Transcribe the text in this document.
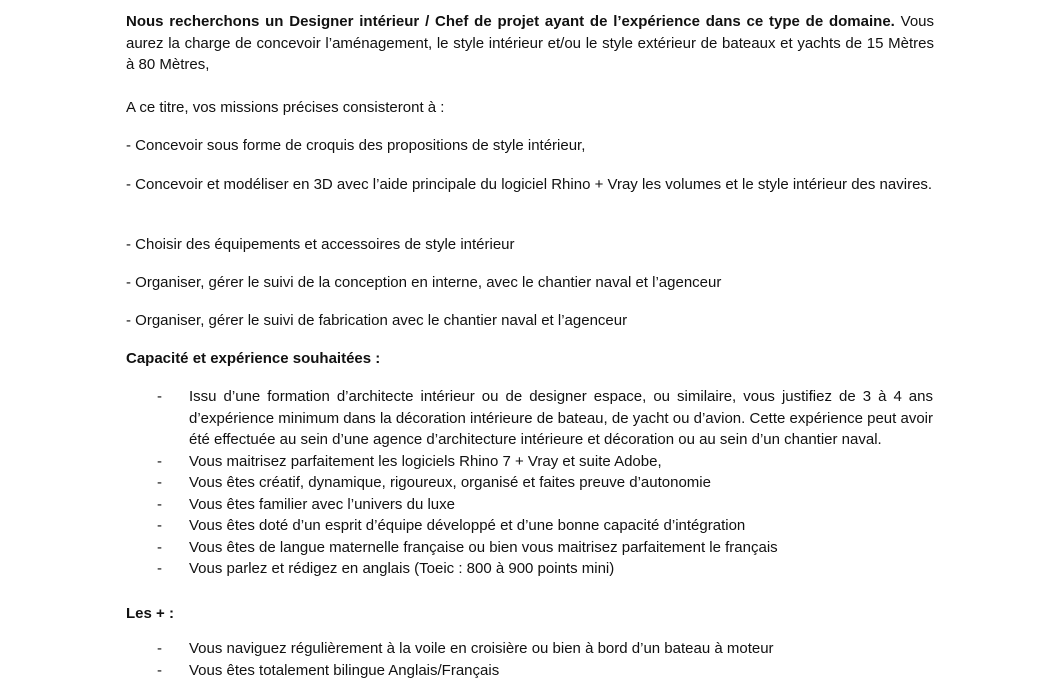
Nous recherchons un Designer intérieur / Chef de projet ayant de l’expérience dans ce type de domaine. Vous aurez la charge de concevoir l’aménagement, le style intérieur et/ou le style extérieur de bateaux et yachts de 15 Mètres à 80 Mètres,

A ce titre, vos missions précises consisteront à :

- Concevoir sous forme de croquis des propositions de style intérieur,

- Concevoir et modéliser en 3D avec l’aide principale du logiciel Rhino + Vray les volumes et le style intérieur des navires.

- Choisir des équipements et accessoires de style intérieur

- Organiser, gérer le suivi de la conception en interne, avec le chantier naval et l’agenceur

- Organiser, gérer le suivi de fabrication avec le chantier naval et l’agenceur

Capacité et expérience souhaitées :

- Issu d’une formation d’architecte intérieur ou de designer espace, ou similaire, vous justifiez de 3 à 4 ans d’expérience minimum dans la décoration intérieure de bateau, de yacht ou d’avion. Cette expérience peut avoir été effectuée au sein d’une agence d’architecture intérieure et décoration ou au sein d’un chantier naval.
- Vous maitrisez parfaitement les logiciels Rhino 7 + Vray et suite Adobe,
- Vous êtes créatif, dynamique, rigoureux, organisé et faites preuve d’autonomie
- Vous êtes familier avec l’univers du luxe
- Vous êtes doté d’un esprit d’équipe développé et d’une bonne capacité d’intégration
- Vous êtes de langue maternelle française ou bien vous maitrisez parfaitement le français
- Vous parlez et rédigez en anglais (Toeic : 800 à 900 points mini)

Les + :

- Vous naviguez régulièrement à la voile en croisière ou bien à bord d’un bateau à moteur
- Vous êtes totalement bilingue Anglais/Français
